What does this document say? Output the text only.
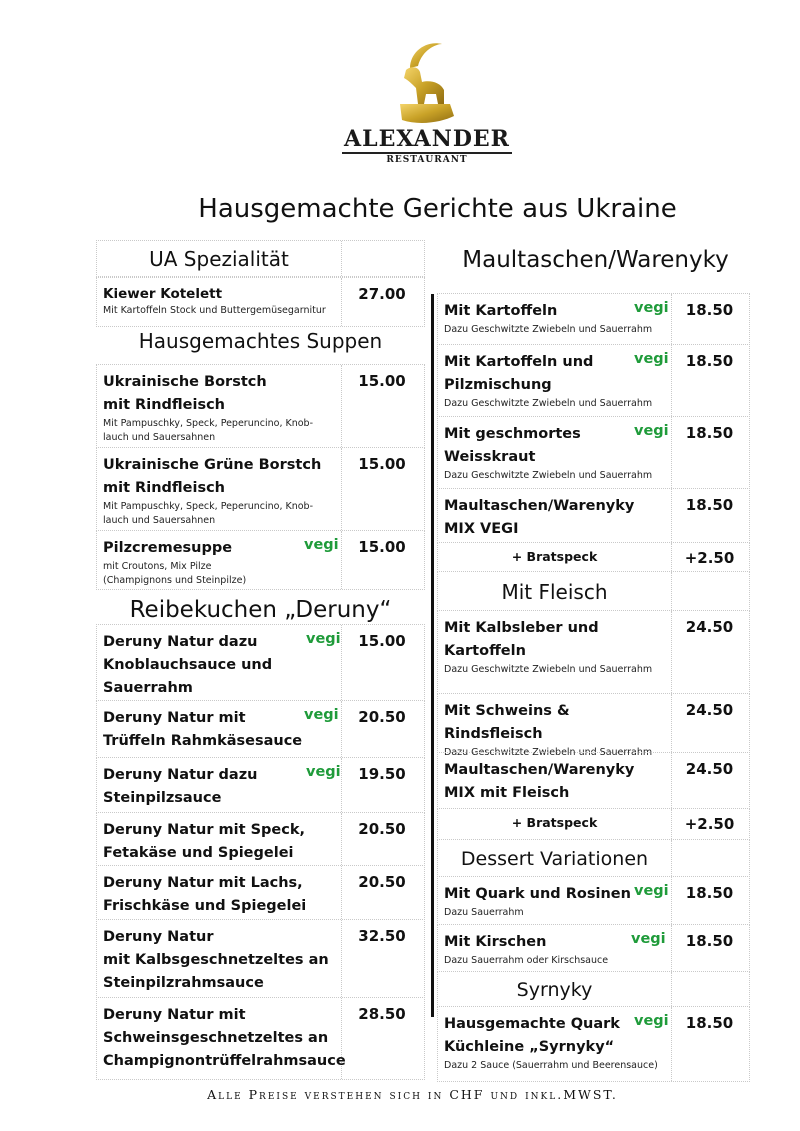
ALEXANDER
RESTAURANT
Hausgemachte Gerichte aus Ukraine
UA Spezialität
Kiewer Kotelett
Mit Kartoffeln Stock und Buttergemüsegarnitur
27.00
Hausgemachtes Suppen
Ukrainische Borstch
mit Rindfleisch
Mit Pampuschky, Speck, Peperuncino, Knob-
lauch und Sauersahnen
15.00
Ukrainische Grüne Borstch
mit Rindfleisch
Mit Pampuschky, Speck, Peperuncino, Knob-
lauch und Sauersahnen
15.00
Pilzcremesuppe
mit Croutons, Mix Pilze
(Champignons und Steinpilze)
vegi	15.00
Reibekuchen „Deruny“
Deruny Natur dazu
Knoblauchsauce und
Sauerrahm
vegi	15.00
Deruny Natur mit
Trüffeln Rahmkäsesauce
vegi	20.50
Deruny Natur dazu
Steinpilzsauce
vegi	19.50
Deruny Natur mit Speck,
Fetakäse und Spiegelei
20.50
Deruny Natur mit Lachs,
Frischkäse und Spiegelei
20.50
Deruny Natur
mit Kalbsgeschnetzeltes an
Steinpilzrahmsauce
32.50
Deruny Natur mit
Schweinsgeschnetzeltes an
Champignontrüffelrahmsauce
28.50
Maultaschen/Warenyky
Mit Kartoffeln
Dazu Geschwitzte Zwiebeln und Sauerrahm
vegi	18.50
Mit Kartoffeln und
Pilzmischung
Dazu Geschwitzte Zwiebeln und Sauerrahm
vegi	18.50
Mit geschmortes
Weisskraut
Dazu Geschwitzte Zwiebeln und Sauerrahm
vegi	18.50
Maultaschen/Warenyky
MIX VEGI
18.50
+ Bratspeck	+2.50
Mit Fleisch
Mit Kalbsleber und
Kartoffeln
Dazu Geschwitzte Zwiebeln und Sauerrahm
24.50
Mit Schweins & Rindsfleisch
Dazu Geschwitzte Zwiebeln und Sauerrahm
24.50
Maultaschen/Warenyky
MIX mit Fleisch
24.50
+ Bratspeck	+2.50
Dessert Variationen
Mit Quark und Rosinen
Dazu Sauerrahm
vegi	18.50
Mit Kirschen
Dazu Sauerrahm oder Kirschsauce
vegi	18.50
Syrnyky
Hausgemachte Quark
Küchleine „Syrnyky“
Dazu 2 Sauce (Sauerrahm und Beerensauce)
vegi	18.50
Alle Preise verstehen sich in CHF und inkl.MWST.
